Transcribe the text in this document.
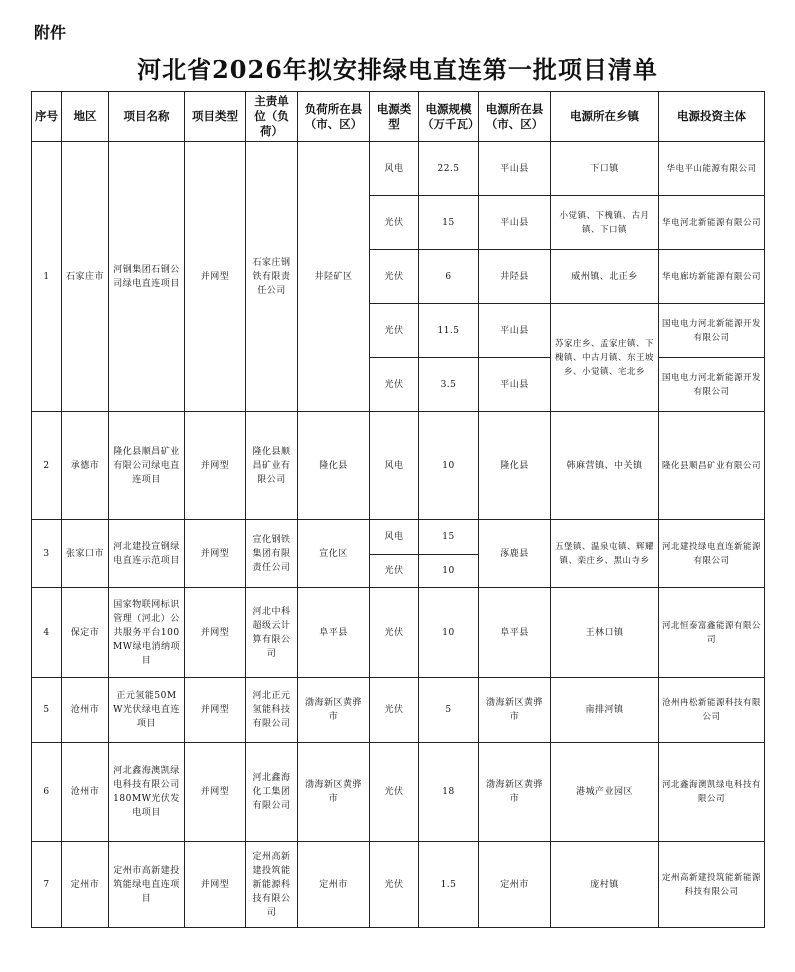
附件
河北省2026年拟安排绿电直连第一批项目清单
序号	地区	项目名称	项目类型	主责单位（负荷）	负荷所在县（市、区）	电源类型	电源规模（万千瓦）	电源所在县（市、区）	电源所在乡镇	电源投资主体
1	石家庄市	河钢集团石钢公司绿电直连项目	并网型	石家庄钢铁有限责任公司	井陉矿区	风电	22.5	平山县	下口镇	华电平山能源有限公司
						光伏	15	平山县	小觉镇、下槐镇、古月镇、下口镇	华电河北新能源有限公司
						光伏	6	井陉县	威州镇、北正乡	华电廊坊新能源有限公司
						光伏	11.5	平山县	苏家庄乡、孟家庄镇、下槐镇、中古月镇、东王坡乡、小觉镇、宅北乡	国电电力河北新能源开发有限公司
						光伏	3.5	平山县		国电电力河北新能源开发有限公司
2	承德市	隆化县顺昌矿业有限公司绿电直连项目	并网型	隆化县顺昌矿业有限公司	隆化县	风电	10	隆化县	韩麻营镇、中关镇	隆化县顺昌矿业有限公司
3	张家口市	河北建投宣钢绿电直连示范项目	并网型	宣化钢铁集团有限责任公司	宣化区	风电	15	涿鹿县	五堡镇、温泉屯镇、辉耀镇、栾庄乡、黑山寺乡	河北建投绿电直连新能源有限公司
						光伏	10			
4	保定市	国家物联网标识管理（河北）公共服务平台100MW绿电消纳项目	并网型	河北中科超级云计算有限公司	阜平县	光伏	10	阜平县	王林口镇	河北恒泰富鑫能源有限公司
5	沧州市	正元氢能50MW光伏绿电直连项目	并网型	河北正元氢能科技有限公司	渤海新区黄骅市	光伏	5	渤海新区黄骅市	南排河镇	沧州冉松新能源科技有限公司
6	沧州市	河北鑫海澳凯绿电科技有限公司180MW光伏发电项目	并网型	河北鑫海化工集团有限公司	渤海新区黄骅市	光伏	18	渤海新区黄骅市	港城产业园区	河北鑫海澳凯绿电科技有限公司
7	定州市	定州市高新建投筑能绿电直连项目	并网型	定州高新建投筑能新能源科技有限公司	定州市	光伏	1.5	定州市	庞村镇	定州高新建投筑能新能源科技有限公司
